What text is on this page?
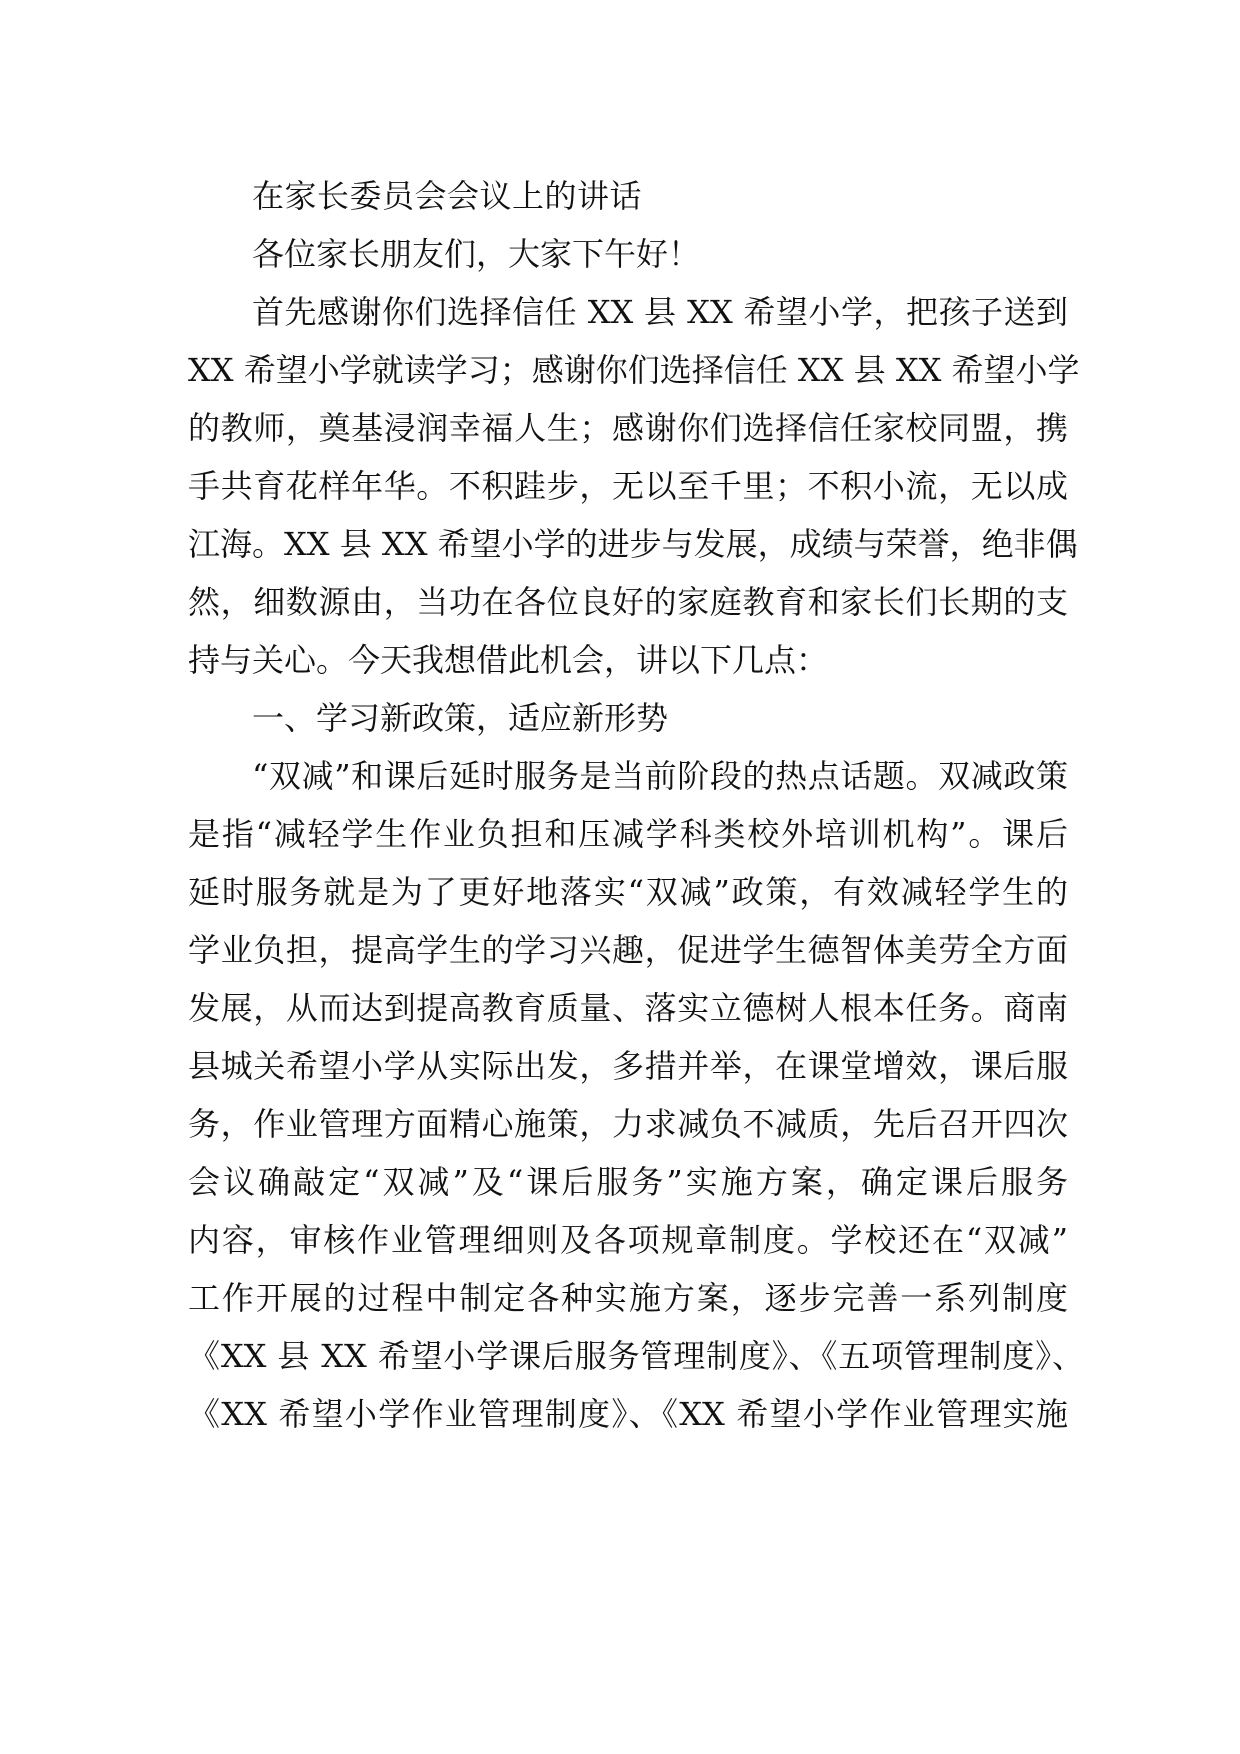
在家长委员会会议上的讲话
各位家长朋友们，大家下午好！
首先感谢你们选择信任 XX 县 XX 希望小学，把孩子送到
XX 希望小学就读学习；感谢你们选择信任 XX 县 XX 希望小学
的教师，奠基浸润幸福人生；感谢你们选择信任家校同盟，携
手共育花样年华。不积跬步，无以至千里；不积小流，无以成
江海。XX 县 XX 希望小学的进步与发展，成绩与荣誉，绝非偶
然，细数源由，当功在各位良好的家庭教育和家长们长期的支
持与关心。今天我想借此机会，讲以下几点：
一、学习新政策，适应新形势
“双减”和课后延时服务是当前阶段的热点话题。双减政策
是指“减轻学生作业负担和压减学科类校外培训机构”。课后
延时服务就是为了更好地落实“双减”政策，有效减轻学生的
学业负担，提高学生的学习兴趣，促进学生德智体美劳全方面
发展，从而达到提高教育质量、落实立德树人根本任务。商南
县城关希望小学从实际出发，多措并举，在课堂增效，课后服
务，作业管理方面精心施策，力求减负不减质，先后召开四次
会议确敲定“双减”及“课后服务”实施方案，确定课后服务
内容，审核作业管理细则及各项规章制度。学校还在“双减”
工作开展的过程中制定各种实施方案，逐步完善一系列制度
《XX 县 XX 希望小学课后服务管理制度》、《五项管理制度》、
《XX 希望小学作业管理制度》、《XX 希望小学作业管理实施
